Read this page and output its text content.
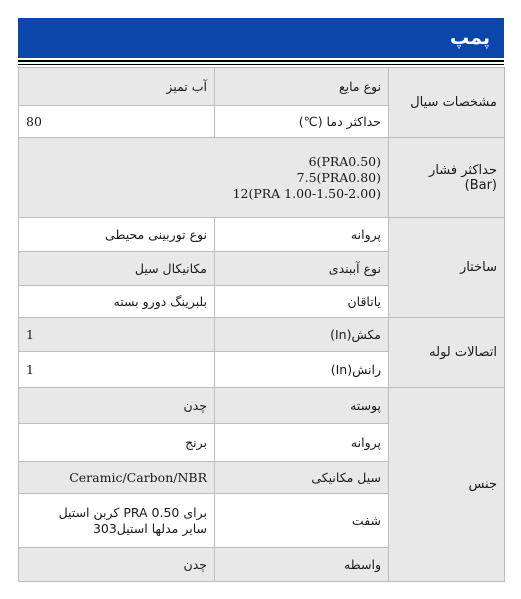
پمپ
مشخصات سیال	نوع مایع	آب تمیز
	حداکثر دما (℃)	80
حداکثر فشار (Bar)	6(PRA0.50)
7.5(PRA0.80)
12(PRA 1.00-1.50-2.00)	

ساختار	پروانه	نوع توربینی محیطی
	نوع آببندی	مکانیکال سیل
	یاتاقان	بلبرینگ دورو بسته
اتصالات لوله	مکش(In)	1
	رانش(In)	1
جنس	پوسته	چدن
	پروانه	برنج
	سیل مکانیکی	Ceramic/Carbon/NBR

	شفت	برای PRA 0.50 کربن استیل
سایر مدلها استیل303

	واسطه	چدن
